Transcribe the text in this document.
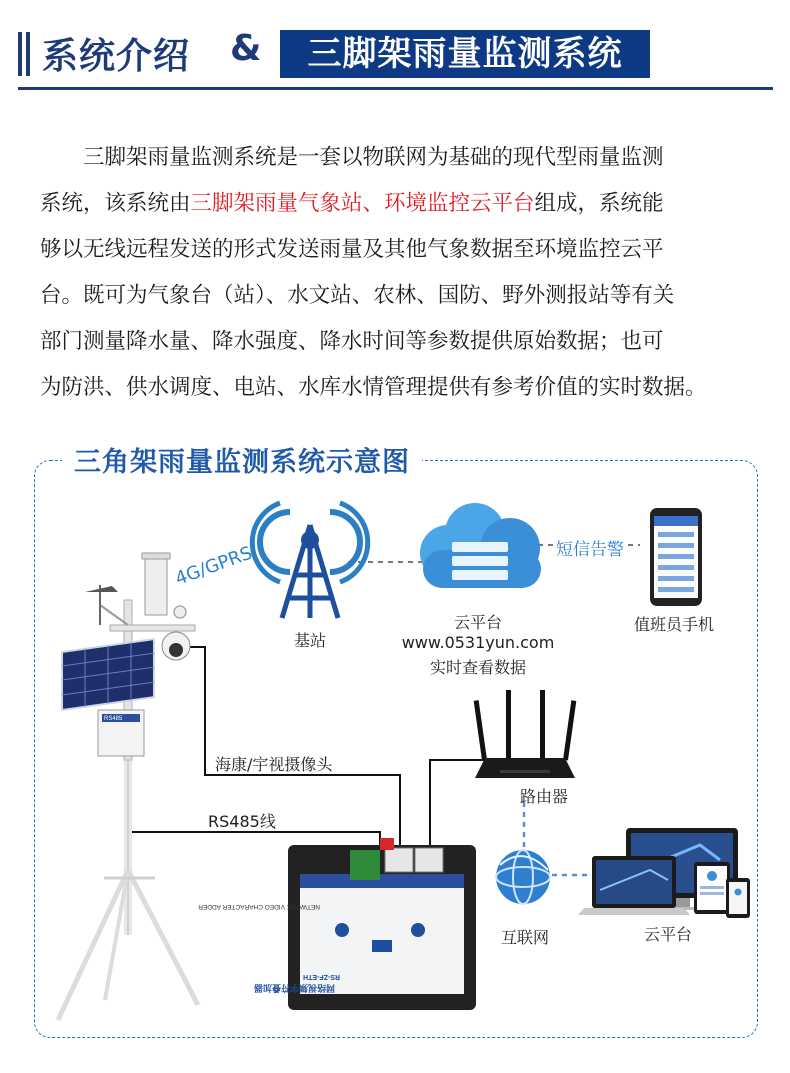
系统介绍 &	三脚架雨量监测系统
　　三脚架雨量监测系统是一套以物联网为基础的现代型雨量监测
系统，该系统由三脚架雨量气象站、环境监控云平台组成，系统能
够以无线远程发送的形式发送雨量及其他气象数据至环境监控云平
台。既可为气象台（站）、水文站、农林、国防、野外测报站等有关
部门测量降水量、降水强度、降水时间等参数提供原始数据；也可
为防洪、供水调度、电站、水库水情管理提供有参考价值的实时数据。
三角架雨量监测系统示意图
RS485
4G/GPRS
NETWORK VIDEO CHARACTER ADDER
RS-ZF-ETH
网络视频字符叠加器
基站
云平台
www.0531yun.com
实时查看数据
短信告警
值班员手机
海康/宇视摄像头
RS485线
路由器
互联网	云平台
